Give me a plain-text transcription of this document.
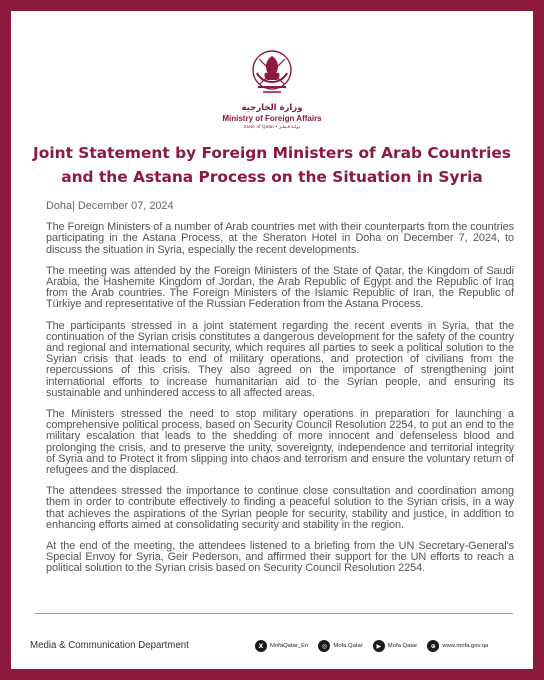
وزارة الخارجية
Ministry of Foreign Affairs
State of Qatar • دولـة قـطـر
Joint Statement by Foreign Ministers of Arab Countries
and the Astana Process on the Situation in Syria
Doha| December 07, 2024

The Foreign Ministers of a number of Arab countries met with their counterparts from the countries participating in the Astana Process, at the Sheraton Hotel in Doha on December 7, 2024, to discuss the situation in Syria, especially the recent developments.

The meeting was attended by the Foreign Ministers of the State of Qatar, the Kingdom of Saudi Arabia, the Hashemite Kingdom of Jordan, the Arab Republic of Egypt and the Republic of Iraq from the Arab countries. The Foreign Ministers of the Islamic Republic of Iran, the Republic of Türkiye and representative of the Russian Federation from the Astana Process.

The participants stressed in a joint statement regarding the recent events in Syria, that the continuation of the Syrian crisis constitutes a dangerous development for the safety of the country and regional and international security, which requires all parties to seek a political solution to the Syrian crisis that leads to end of military operations, and protection of civilians from the repercussions of this crisis. They also agreed on the importance of strengthening joint international efforts to increase humanitarian aid to the Syrian people, and ensuring its sustainable and unhindered access to all affected areas.

The Ministers stressed the need to stop military operations in preparation for launching a comprehensive political process, based on Security Council Resolution 2254, to put an end to the military escalation that leads to the shedding of more innocent and defenseless blood and prolonging the crisis, and to preserve the unity, sovereignty, independence and territorial integrity of Syria and to Protect it from slipping into chaos and terrorism and ensure the voluntary return of refugees and the displaced.

The attendees stressed the importance to continue close consultation and coordination among them in order to contribute effectively to finding a peaceful solution to the Syrian crisis, in a way that achieves the aspirations of the Syrian people for security, stability and justice, in addition to enhancing efforts aimed at consolidating security and stability in the region.

At the end of the meeting, the attendees listened to a briefing from the UN Secretary-General's Special Envoy for Syria, Geir Pederson, and affirmed their support for the UN efforts to reach a political solution to the Syrian crisis based on Security Council Resolution 2254.

Media & Communication Department	X	MofaQatar_En	◎	Mofa.Qatar	▶	Mofa Qatar	⊕	www.mofa.gov.qa
